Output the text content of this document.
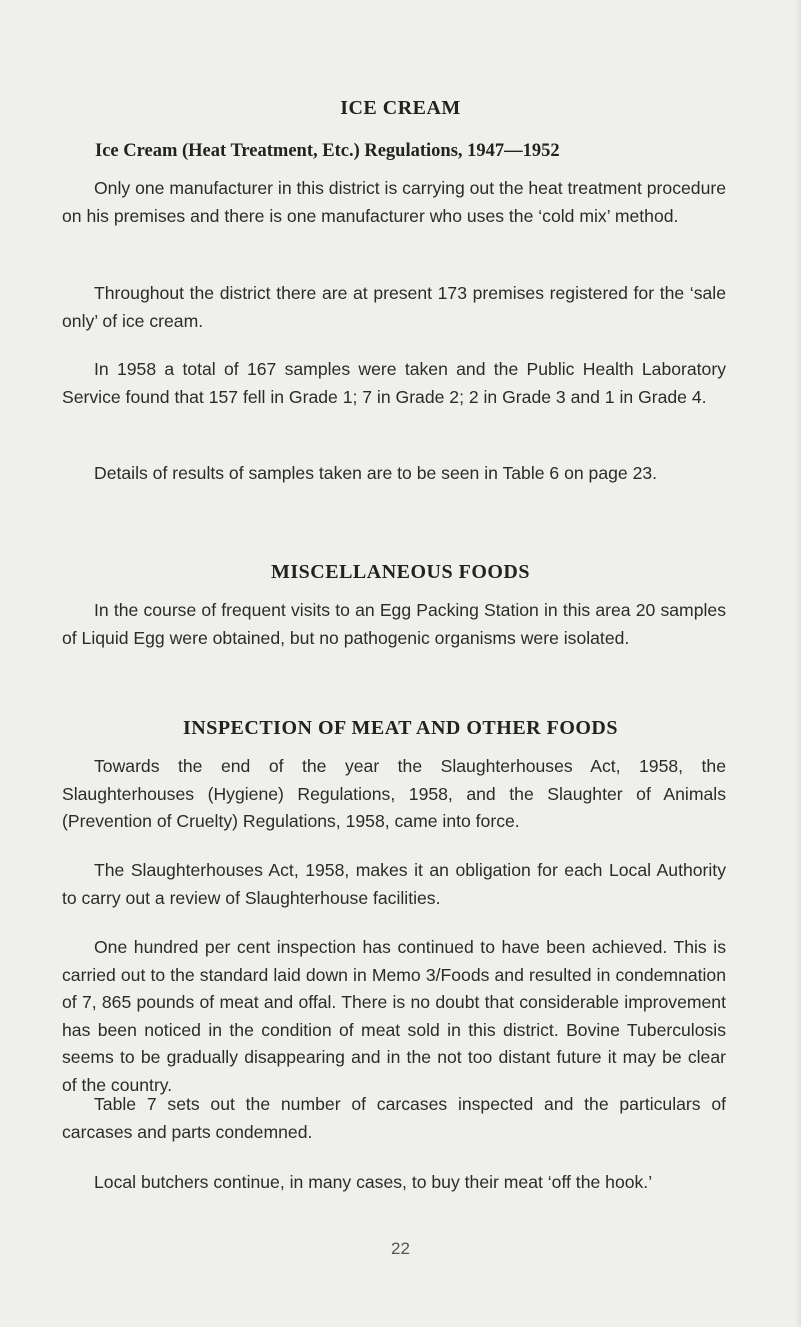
ICE CREAM
Ice Cream (Heat Treatment, Etc.) Regulations, 1947—1952

Only one manufacturer in this district is carrying out the heat treatment procedure on his premises and there is one manufacturer who uses the ‘cold mix’ method.

Throughout the district there are at present 173 premises registered for the ‘sale only’ of ice cream.

In 1958 a total of 167 samples were taken and the Public Health Laboratory Service found that 157 fell in Grade 1; 7 in Grade 2; 2 in Grade 3 and 1 in Grade 4.

Details of results of samples taken are to be seen in Table 6 on page 23.

MISCELLANEOUS FOODS

In the course of frequent visits to an Egg Packing Station in this area 20 samples of Liquid Egg were obtained, but no pathogenic organisms were isolated.

INSPECTION OF MEAT AND OTHER FOODS

Towards the end of the year the Slaughterhouses Act, 1958, the Slaughterhouses (Hygiene) Regulations, 1958, and the Slaughter of Animals (Prevention of Cruelty) Regulations, 1958, came into force.

The Slaughterhouses Act, 1958, makes it an obligation for each Local Authority to carry out a review of Slaughterhouse facilities.

One hundred per cent inspection has continued to have been achieved. This is carried out to the standard laid down in Memo 3/Foods and resulted in condemnation of 7, 865 pounds of meat and offal. There is no doubt that considerable improvement has been noticed in the condition of meat sold in this district. Bovine Tuberculosis seems to be gradually disappearing and in the not too distant future it may be clear of the country.

Table 7 sets out the number of carcases inspected and the particulars of carcases and parts condemned.

Local butchers continue, in many cases, to buy their meat ‘off the hook.’

22
